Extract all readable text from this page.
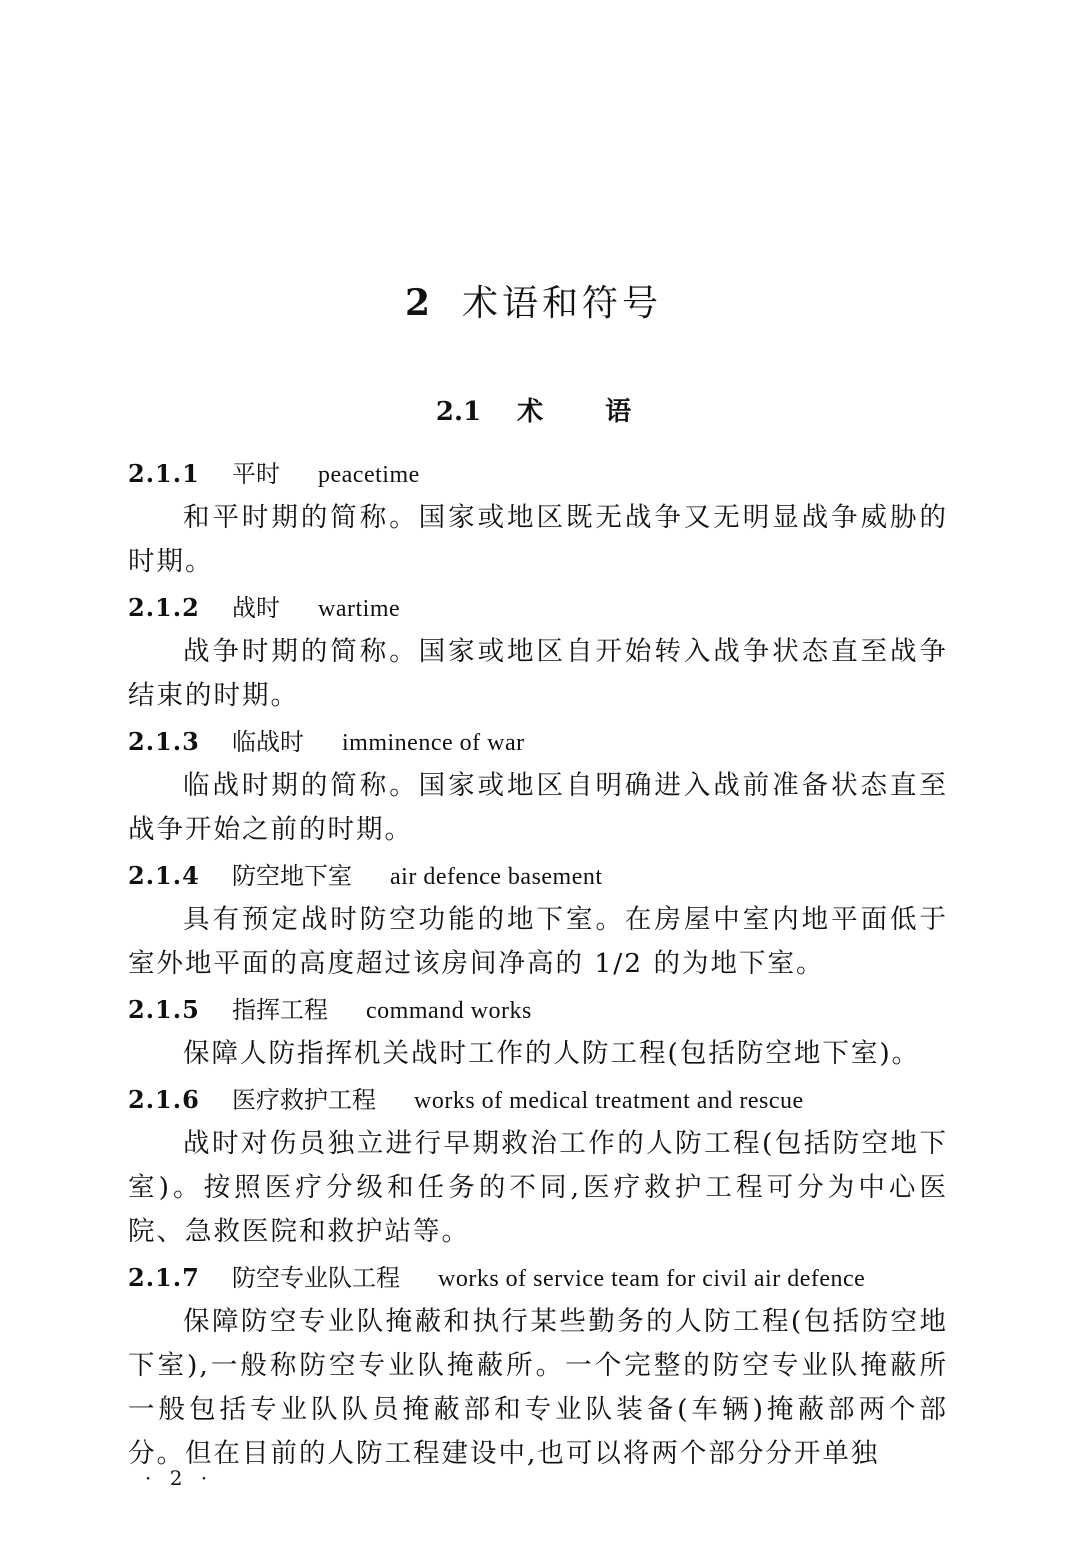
2 术语和符号
2.1 术 语
2.1.1 平时 peacetime

和平时期的简称。国家或地区既无战争又无明显战争威胁的时期。

2.1.2 战时 wartime

战争时期的简称。国家或地区自开始转入战争状态直至战争结束的时期。

2.1.3 临战时 imminence of war

临战时期的简称。国家或地区自明确进入战前准备状态直至战争开始之前的时期。

2.1.4 防空地下室 air defence basement

具有预定战时防空功能的地下室。在房屋中室内地平面低于室外地平面的高度超过该房间净高的 1/2 的为地下室。

2.1.5 指挥工程 command works

保障人防指挥机关战时工作的人防工程(包括防空地下室)。

2.1.6 医疗救护工程 works of medical treatment and rescue

战时对伤员独立进行早期救治工作的人防工程(包括防空地下室)。按照医疗分级和任务的不同,医疗救护工程可分为中心医院、急救医院和救护站等。

2.1.7 防空专业队工程 works of service team for civil air defence

保障防空专业队掩蔽和执行某些勤务的人防工程(包括防空地下室),一般称防空专业队掩蔽所。一个完整的防空专业队掩蔽所一般包括专业队队员掩蔽部和专业队装备(车辆)掩蔽部两个部分。但在目前的人防工程建设中,也可以将两个部分分开单独

· 2 ·
